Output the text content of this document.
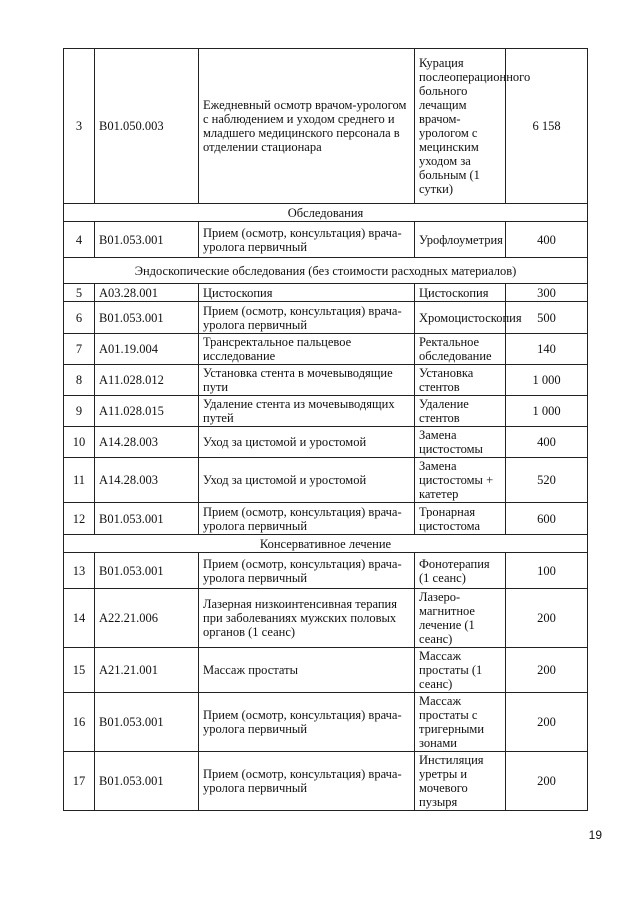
3	B01.050.003	Ежедневный осмотр врачом-урологом с наблюдением и уходом среднего и младшего медицинского персонала в отделении стационара	Курация послеоперационного больного лечащим врачом-урологом с мецинским уходом за больным (1 сутки)	6 158
Обследования				
4	B01.053.001	Прием (осмотр, консультация) врача-уролога первичный	Урофлоуметрия	400
Эндоскопические обследования (без стоимости расходных материалов)				
5	A03.28.001	Цистоскопия	Цистоскопия	300
6	B01.053.001	Прием (осмотр, консультация) врача-уролога первичный	Хромоцистоскопия	500
7	A01.19.004	Трансректальное пальцевое исследование	Ректальное обследование	140
8	A11.028.012	Установка стента в мочевыводящие пути	Установка стентов	1 000
9	A11.028.015	Удаление стента из мочевыводящих путей	Удаление стентов	1 000
10	A14.28.003	Уход за цистомой и уростомой	Замена цистостомы	400
11	A14.28.003	Уход за цистомой и уростомой	Замена цистостомы + катетер	520
12	B01.053.001	Прием (осмотр, консультация) врача-уролога первичный	Тронарная цистостома	600
Консервативное лечение				
13	B01.053.001	Прием (осмотр, консультация) врача-уролога первичный	Фонотерапия (1 сеанс)	100
14	A22.21.006	Лазерная низкоинтенсивная терапия при заболеваниях мужских половых органов (1 сеанс)	Лазеро-магнитное лечение (1 сеанс)	200
15	A21.21.001	Массаж простаты	Массаж простаты (1 сеанс)	200
16	B01.053.001	Прием (осмотр, консультация) врача-уролога первичный	Массаж простаты с тригерными зонами	200
17	B01.053.001	Прием (осмотр, консультация) врача-уролога первичный	Инстиляция уретры и мочевого пузыря	200
19
